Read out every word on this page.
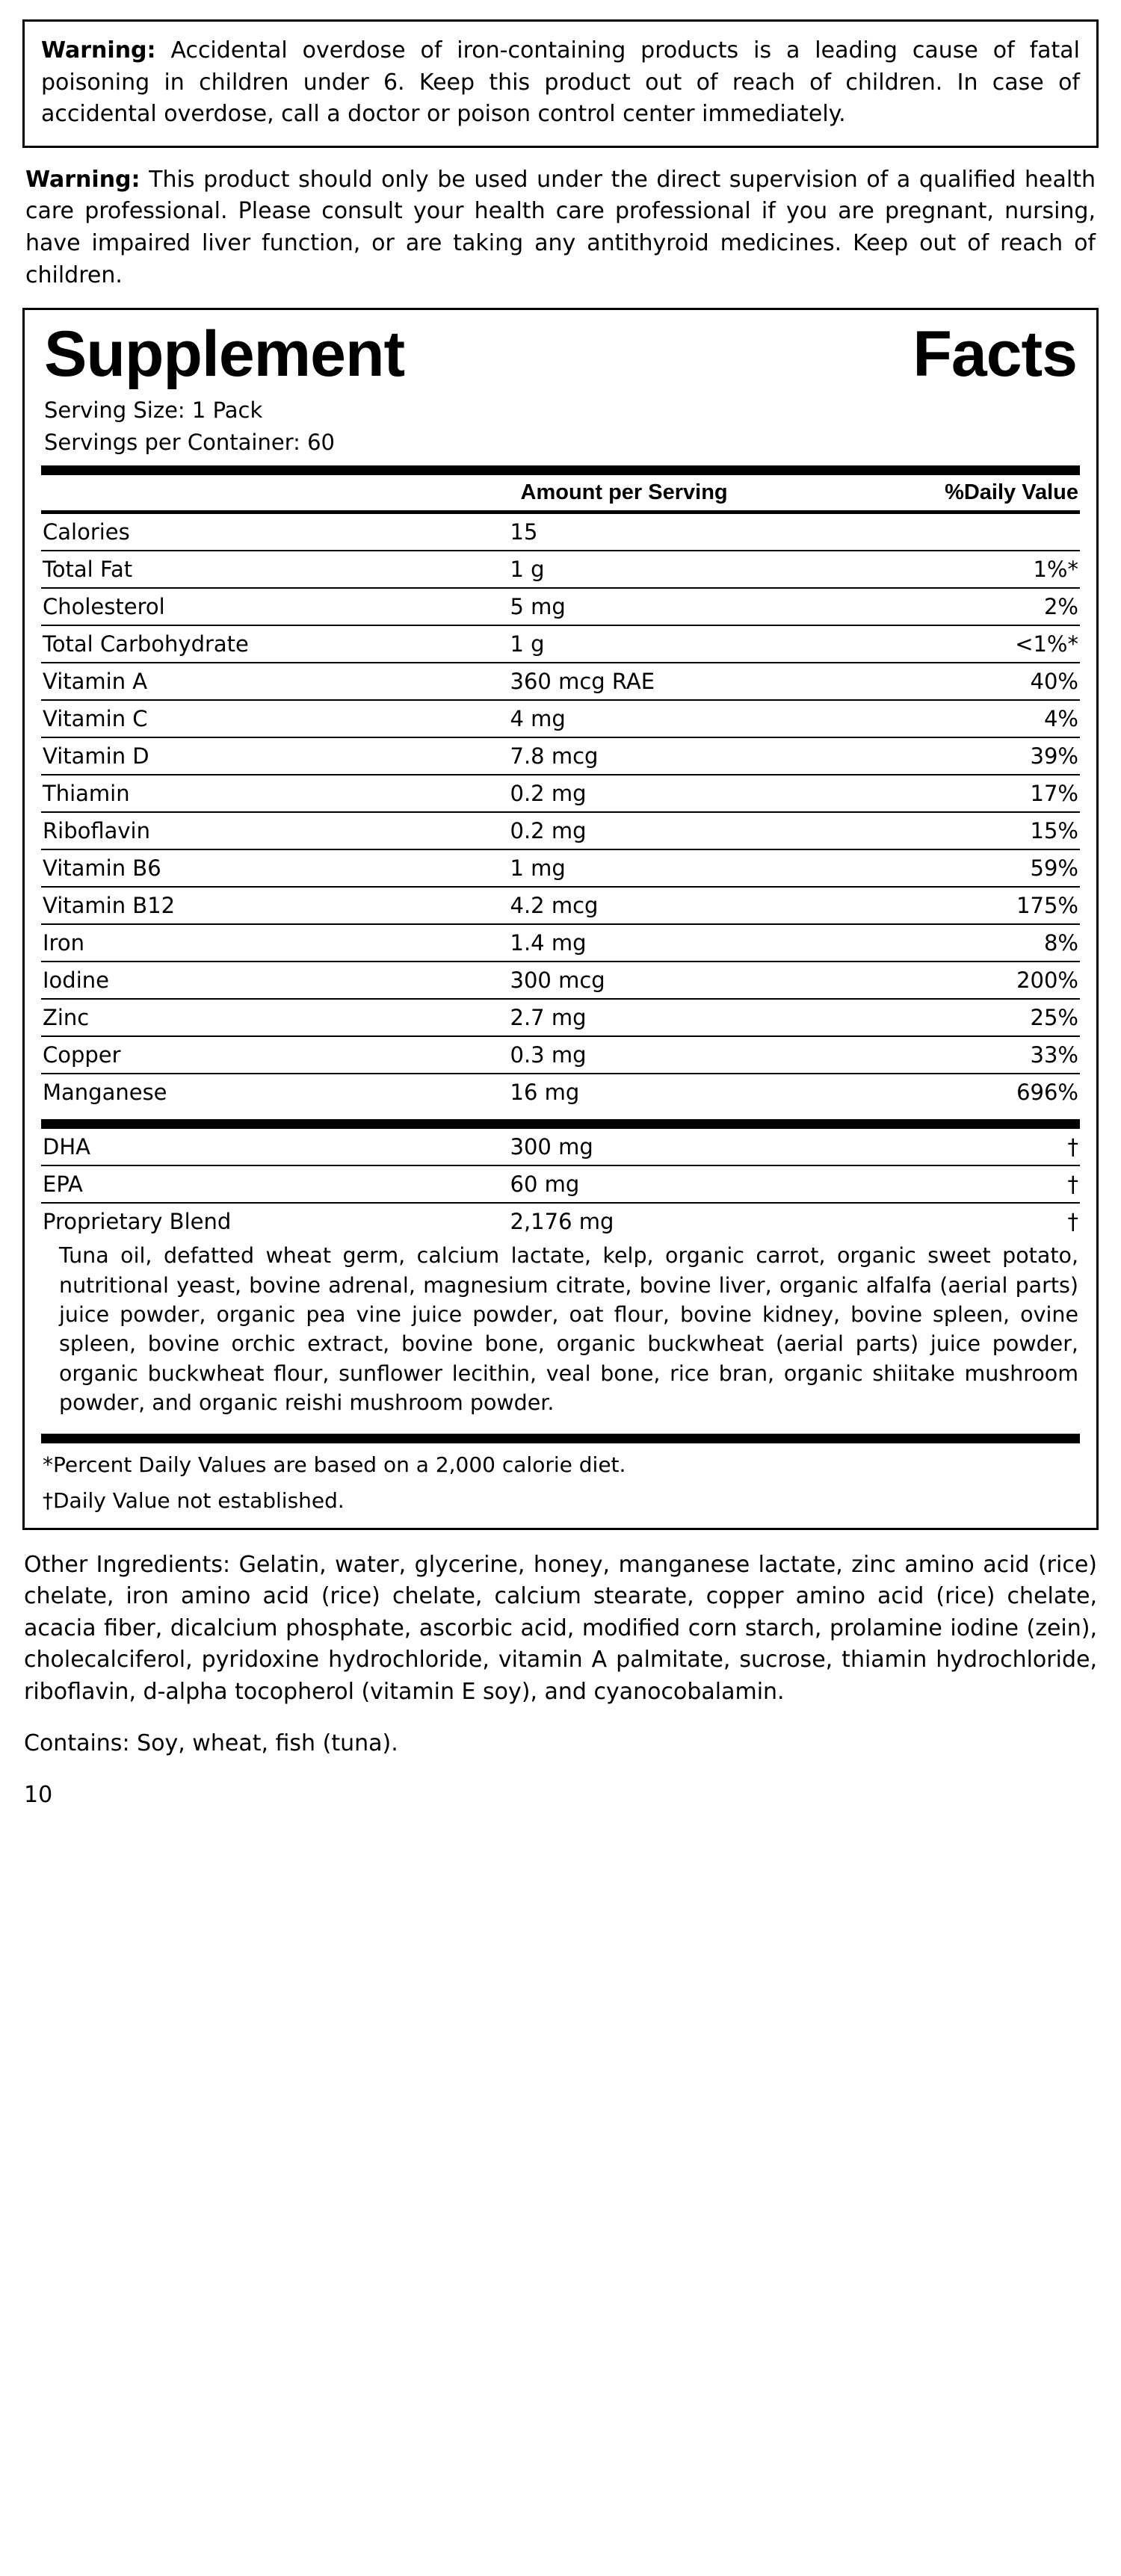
Warning: Accidental overdose of iron-containing products is a leading cause of fatal poisoning in children under 6. Keep this product out of reach of children. In case of accidental overdose, call a doctor or poison control center immediately.
Warning: This product should only be used under the direct supervision of a qualified health care professional. Please consult your health care professional if you are pregnant, nursing, have impaired liver function, or are taking any antithyroid medicines. Keep out of reach of children.
Supplement	Facts
Serving Size: 1 Pack
Servings per Container: 60
	Amount per Serving	%Daily Value
Calories	15	
Total Fat	1 g	1%*
Cholesterol	5 mg	2%
Total Carbohydrate	1 g	<1%*
Vitamin A	360 mcg RAE	40%
Vitamin C	4 mg	4%
Vitamin D	7.8 mcg	39%
Thiamin	0.2 mg	17%
Riboflavin	0.2 mg	15%
Vitamin B6	1 mg	59%
Vitamin B12	4.2 mcg	175%
Iron	1.4 mg	8%
Iodine	300 mcg	200%
Zinc	2.7 mg	25%
Copper	0.3 mg	33%
Manganese	16 mg	696%
DHA	300 mg	†
EPA	60 mg	†
Proprietary Blend	2,176 mg	†
Tuna oil, defatted wheat germ, calcium lactate, kelp, organic carrot, organic sweet potato, nutritional yeast, bovine adrenal, magnesium citrate, bovine liver, organic alfalfa (aerial parts) juice powder, organic pea vine juice powder, oat flour, bovine kidney, bovine spleen, ovine spleen, bovine orchic extract, bovine bone, organic buckwheat (aerial parts) juice powder, organic buckwheat flour, sunflower lecithin, veal bone, rice bran, organic shiitake mushroom powder, and organic reishi mushroom powder.
*Percent Daily Values are based on a 2,000 calorie diet.
†Daily Value not established.
Other Ingredients: Gelatin, water, glycerine, honey, manganese lactate, zinc amino acid (rice) chelate, iron amino acid (rice) chelate, calcium stearate, copper amino acid (rice) chelate, acacia fiber, dicalcium phosphate, ascorbic acid, modified corn starch, prolamine iodine (zein), cholecalciferol, pyridoxine hydrochloride, vitamin A palmitate, sucrose, thiamin hydrochloride, riboflavin, d-alpha tocopherol (vitamin E soy), and cyanocobalamin.
Contains: Soy, wheat, fish (tuna).
10
